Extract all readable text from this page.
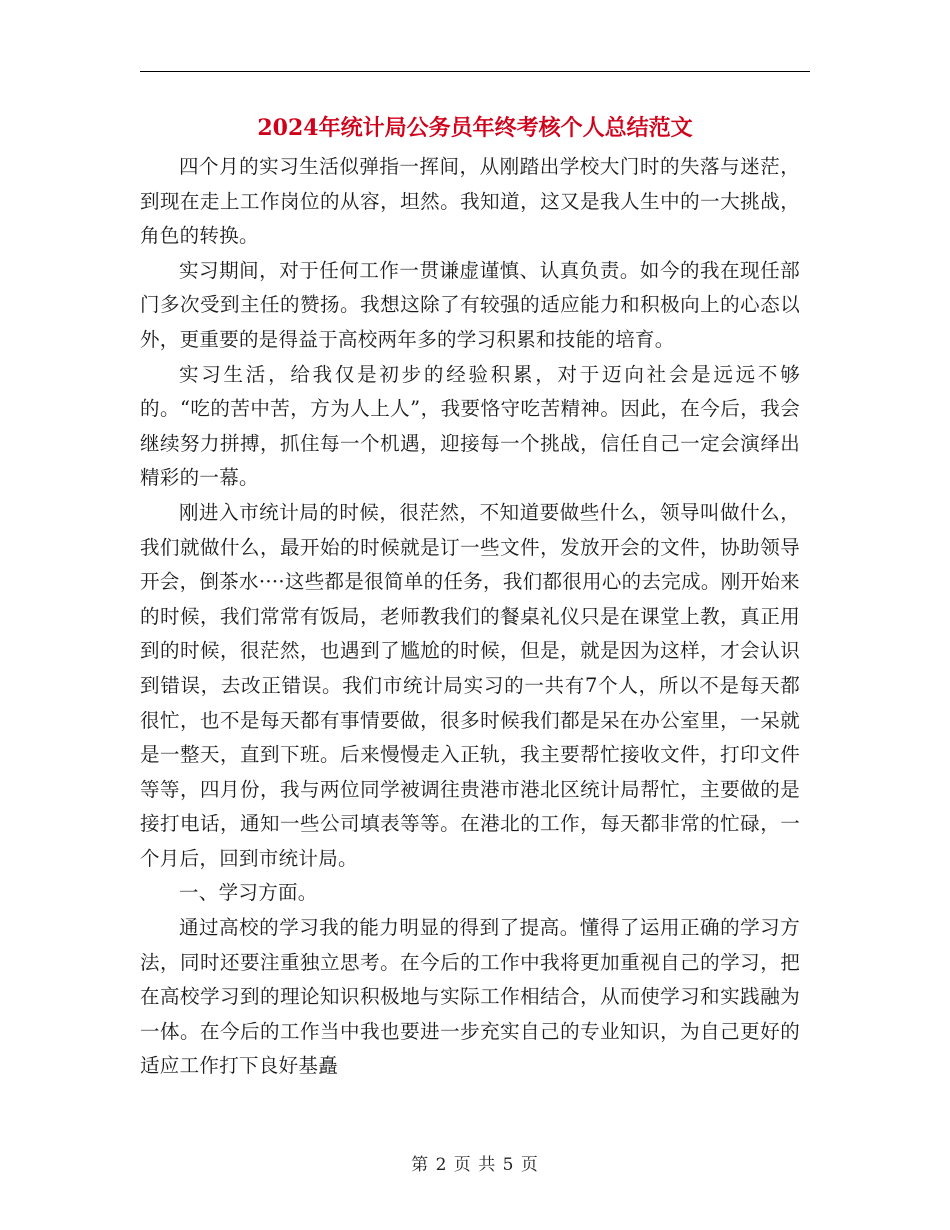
2024年统计局公务员年终考核个人总结范文

四个月的实习生活似弹指一挥间，从刚踏出学校大门时的失落与迷茫，到现在走上工作岗位的从容，坦然。我知道，这又是我人生中的一大挑战，角色的转换。

实习期间，对于任何工作一贯谦虚谨慎、认真负责。如今的我在现任部门多次受到主任的赞扬。我想这除了有较强的适应能力和积极向上的心态以外，更重要的是得益于高校两年多的学习积累和技能的培育。

实习生活，给我仅是初步的经验积累，对于迈向社会是远远不够的。“吃的苦中苦，方为人上人”，我要恪守吃苦精神。因此，在今后，我会继续努力拼搏，抓住每一个机遇，迎接每一个挑战，信任自己一定会演绎出精彩的一幕。

刚进入市统计局的时候，很茫然，不知道要做些什么，领导叫做什么，我们就做什么，最开始的时候就是订一些文件，发放开会的文件，协助领导开会，倒茶水····这些都是很简单的任务，我们都很用心的去完成。刚开始来的时候，我们常常有饭局，老师教我们的餐桌礼仪只是在课堂上教，真正用到的时候，很茫然，也遇到了尴尬的时候，但是，就是因为这样，才会认识到错误，去改正错误。我们市统计局实习的一共有7个人，所以不是每天都很忙，也不是每天都有事情要做，很多时候我们都是呆在办公室里，一呆就是一整天，直到下班。后来慢慢走入正轨，我主要帮忙接收文件，打印文件等等，四月份，我与两位同学被调往贵港市港北区统计局帮忙，主要做的是接打电话，通知一些公司填表等等。在港北的工作，每天都非常的忙碌，一个月后，回到市统计局。

一、学习方面。

通过高校的学习我的能力明显的得到了提高。懂得了运用正确的学习方法，同时还要注重独立思考。在今后的工作中我将更加重视自己的学习，把在高校学习到的理论知识积极地与实际工作相结合，从而使学习和实践融为一体。在今后的工作当中我也要进一步充实自己的专业知识，为自己更好的适应工作打下良好基矗

第 2 页 共 5 页
